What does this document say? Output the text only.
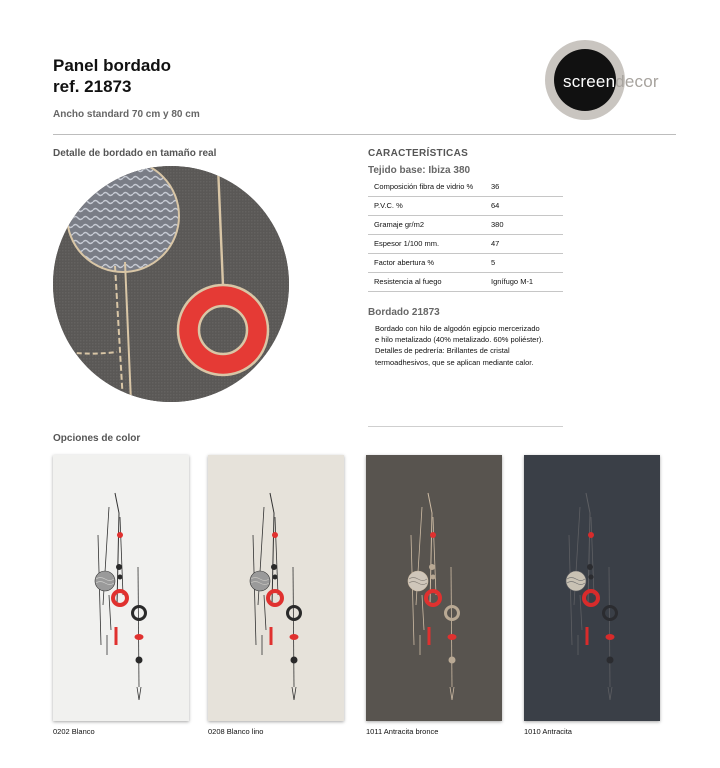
Panel bordado
ref. 21873
Ancho standard 70 cm y 80 cm
screendecor
Detalle de bordado en tamaño real	CARACTERÍSTICAS
Tejido base: Ibiza 380
Composición fibra de vidrio %	36
P.V.C. %	64
Gramaje gr/m2	380
Espesor 1/100 mm.	47
Factor abertura %	5
Resistencia al fuego	Ignífugo M-1
Bordado 21873

Bordado con hilo de algodón egipcio mercerizado

e hilo metalizado (40% metalizado. 60% poliéster).

Detalles de pedrería: Brillantes de cristal

termoadhesivos, que se aplican mediante calor.

Opciones de color
0202 Blanco	0208 Blanco lino	1011 Antracita bronce	1010 Antracita
